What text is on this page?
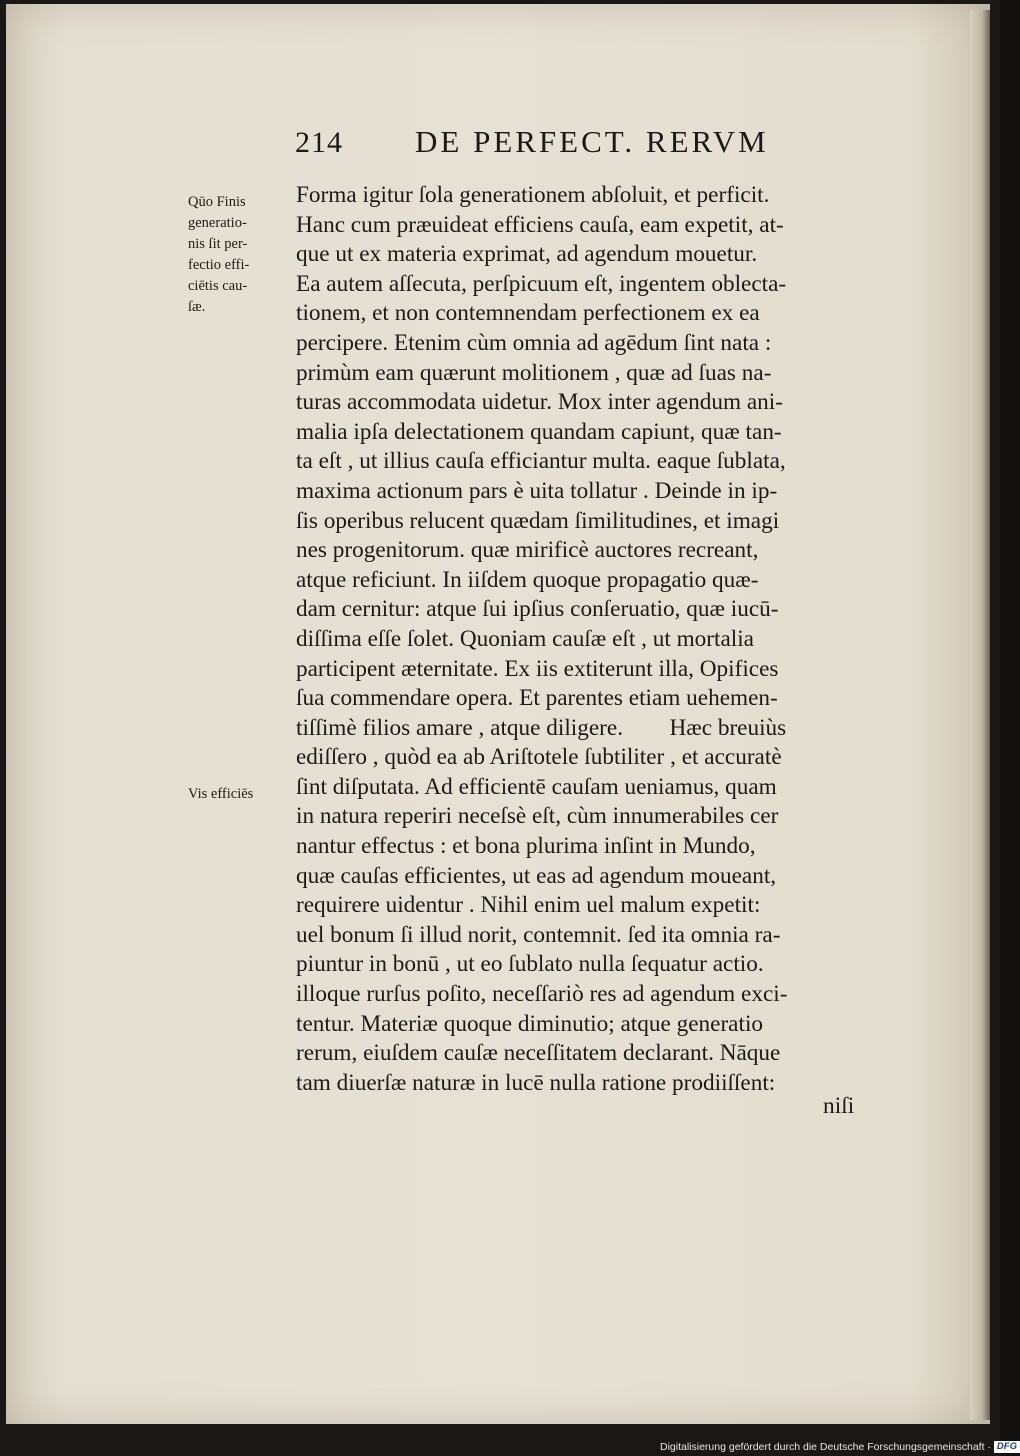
214 DE PERFECT. RERVM
Qūo Finis
generatio-
nis ſit per-
fectio effi-
ciētis cau-
ſæ.
Vis efficiēs
Forma igitur ſola generationem abſoluit, et perficit.
Hanc cum præuideat efficiens cauſa, eam expetit, at-
que ut ex materia exprimat, ad agendum mouetur.
Ea autem aſſecuta, perſpicuum eſt, ingentem oblecta-
tionem, et non contemnendam perfectionem ex ea
percipere. Etenim cùm omnia ad agēdum ſint nata :
primùm eam quærunt molitionem , quæ ad ſuas na-
turas accommodata uidetur. Mox inter agendum ani-
malia ipſa delectationem quandam capiunt, quæ tan-
ta eſt , ut illius cauſa efficiantur multa. eaque ſublata,
maxima actionum pars è uita tollatur . Deinde in ip-
ſis operibus relucent quædam ſimilitudines, et imagi
nes progenitorum. quæ mirificè auctores recreant,
atque reficiunt. In iiſdem quoque propagatio quæ-
dam cernitur: atque ſui ipſius conſeruatio, quæ iucū-
diſſima eſſe ſolet. Quoniam cauſæ eſt , ut mortalia
participent æternitate. Ex iis extiterunt illa, Opifices
ſua commendare opera. Et parentes etiam uehemen-
tiſſimè filios amare , atque diligere.        Hæc breuiùs
ediſſero , quòd ea ab Ariſtotele ſubtiliter , et accuratè
ſint diſputata. Ad efficientē cauſam ueniamus, quam
in natura reperiri neceſsè eſt, cùm innumerabiles cer
nantur effectus : et bona plurima inſint in Mundo,
quæ cauſas efficientes, ut eas ad agendum moueant,
requirere uidentur . Nihil enim uel malum expetit:
uel bonum ſi illud norit, contemnit. ſed ita omnia ra-
piuntur in bonū , ut eo ſublato nulla ſequatur actio.
illoque rurſus poſito, neceſſariò res ad agendum exci-
tentur. Materiæ quoque diminutio; atque generatio
rerum, eiuſdem cauſæ neceſſitatem declarant. Nāque
tam diuerſæ naturæ in lucē nulla ratione prodiiſſent:
niſi
Digitalisierung gefördert durch die Deutsche Forschungsgemeinschaft · DFG
